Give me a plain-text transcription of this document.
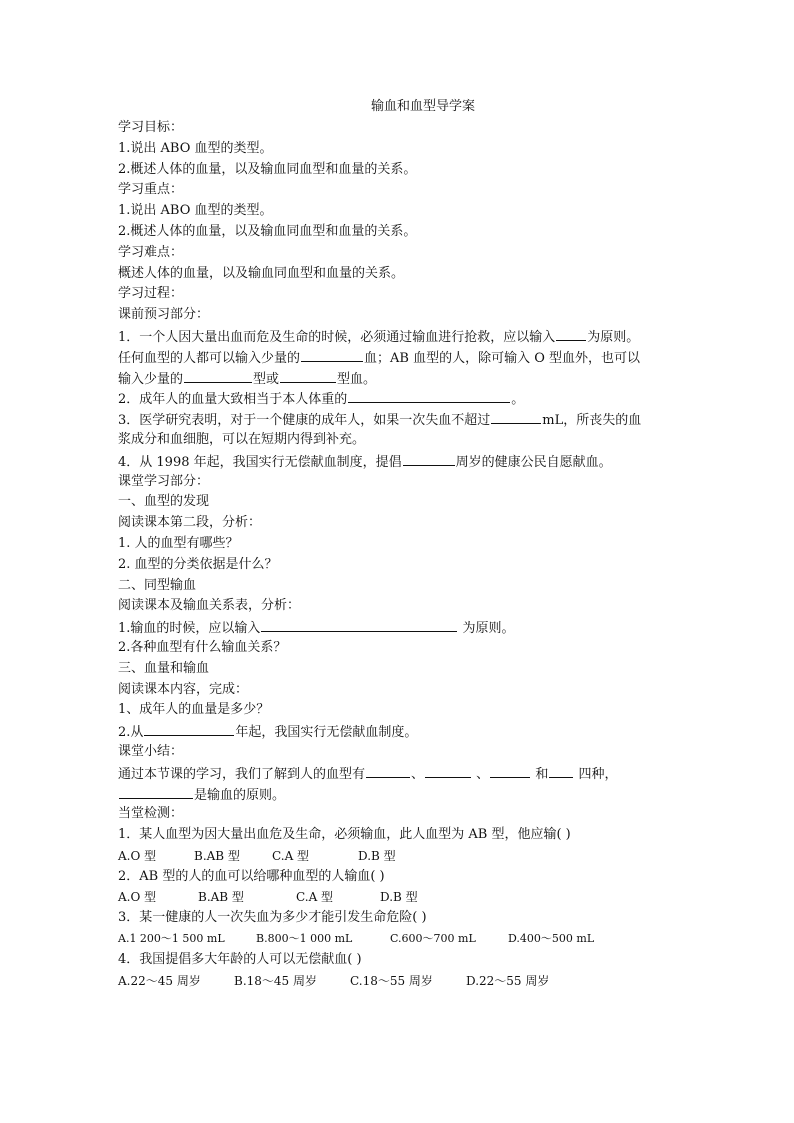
输血和血型导学案

学习目标：

1.说出 ABO 血型的类型。

2.概述人体的血量，以及输血同血型和血量的关系。

学习重点：

1.说出 ABO 血型的类型。

2.概述人体的血量，以及输血同血型和血量的关系。

学习难点：

概述人体的血量，以及输血同血型和血量的关系。

学习过程：

课前预习部分：

1．一个人因大量出血而危及生命的时候，必须通过输血进行抢救，应以输入 为原则。

任何血型的人都可以输入少量的	血；AB 血型的人，除可输入 O 型血外，也可以

输入少量的	型或	型血。

2．成年人的血量大致相当于本人体重的	。

3．医学研究表明，对于一个健康的成年人，如果一次失血不超过	mL，所丧失的血

浆成分和血细胞，可以在短期内得到补充。

4．从 1998 年起，我国实行无偿献血制度，提倡	周岁的健康公民自愿献血。

课堂学习部分：

一、血型的发现

阅读课本第二段，分析：

1. 人的血型有哪些？

2. 血型的分类依据是什么？

二、同型输血

阅读课本及输血关系表，分析：

1.输血的时候，应以输入	为原则。

2.各种血型有什么输血关系？

三、血量和输血

阅读课本内容，完成：

1、成年人的血量是多少？

2.从	年起，我国实行无偿献血制度。

课堂小结：

通过本节课的学习，我们了解到人的血型有	、	、	和 四种，

是输血的原则。

当堂检测：

1．某人血型为因大量出血危及生命，必须输血，此人血型为 AB 型，他应输( )

A.O 型	B.AB 型	C.A 型	D.B 型

2．AB 型的人的血可以给哪种血型的人输血( )

A.O 型	B.AB 型	C.A 型	D.B 型

3．某一健康的人一次失血为多少才能引发生命危险( )

A.1 200～1 500 mL	B.800～1 000 mL	C.600～700 mL	D.400～500 mL

4．我国提倡多大年龄的人可以无偿献血( )

A.22～45 周岁	B.18～45 周岁	C.18～55 周岁	D.22～55 周岁
